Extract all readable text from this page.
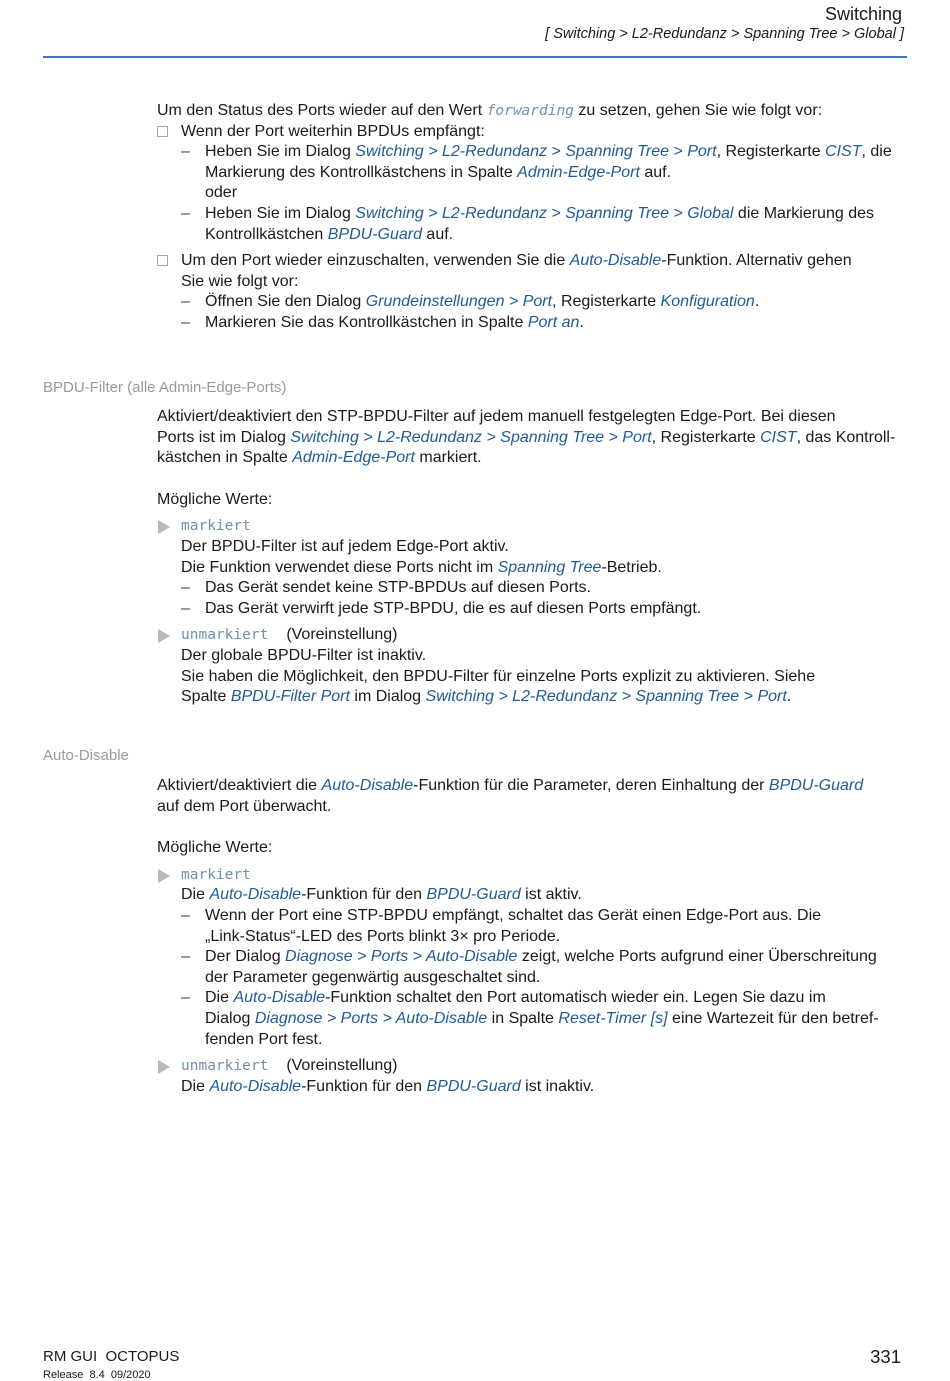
Switching
[ Switching > L2-Redundanz > Spanning Tree > Global ]
Um den Status des Ports wieder auf den Wert forwarding zu setzen, gehen Sie wie folgt vor:
Wenn der Port weiterhin BPDUs empfängt:
– Heben Sie im Dialog Switching > L2-Redundanz > Spanning Tree > Port, Registerkarte CIST, die
Markierung des Kontrollkästchens in Spalte Admin-Edge-Port auf.
oder
– Heben Sie im Dialog Switching > L2-Redundanz > Spanning Tree > Global die Markierung des
Kontrollkästchen BPDU-Guard auf.
Um den Port wieder einzuschalten, verwenden Sie die Auto-Disable-Funktion. Alternativ gehen
Sie wie folgt vor:
– Öffnen Sie den Dialog Grundeinstellungen > Port, Registerkarte Konfiguration.
– Markieren Sie das Kontrollkästchen in Spalte Port an.
BPDU-Filter (alle Admin-Edge-Ports)
Aktiviert/deaktiviert den STP-BPDU-Filter auf jedem manuell festgelegten Edge-Port. Bei diesen
Ports ist im Dialog Switching > L2-Redundanz > Spanning Tree > Port, Registerkarte CIST, das Kontroll-
kästchen in Spalte Admin-Edge-Port markiert.
Mögliche Werte:
markiert
Der BPDU-Filter ist auf jedem Edge-Port aktiv.
Die Funktion verwendet diese Ports nicht im Spanning Tree-Betrieb.
– Das Gerät sendet keine STP-BPDUs auf diesen Ports.
– Das Gerät verwirft jede STP-BPDU, die es auf diesen Ports empfängt.
unmarkiert (Voreinstellung)
Der globale BPDU-Filter ist inaktiv.
Sie haben die Möglichkeit, den BPDU-Filter für einzelne Ports explizit zu aktivieren. Siehe
Spalte BPDU-Filter Port im Dialog Switching > L2-Redundanz > Spanning Tree > Port.
Auto-Disable
Aktiviert/deaktiviert die Auto-Disable-Funktion für die Parameter, deren Einhaltung der BPDU-Guard
auf dem Port überwacht.
Mögliche Werte:
markiert
Die Auto-Disable-Funktion für den BPDU-Guard ist aktiv.
– Wenn der Port eine STP-BPDU empfängt, schaltet das Gerät einen Edge-Port aus. Die
„Link-Status“-LED des Ports blinkt 3× pro Periode.
– Der Dialog Diagnose > Ports > Auto-Disable zeigt, welche Ports aufgrund einer Überschreitung
der Parameter gegenwärtig ausgeschaltet sind.
– Die Auto-Disable-Funktion schaltet den Port automatisch wieder ein. Legen Sie dazu im
Dialog Diagnose > Ports > Auto-Disable in Spalte Reset-Timer [s] eine Wartezeit für den betref-
fenden Port fest.
unmarkiert (Voreinstellung)
Die Auto-Disable-Funktion für den BPDU-Guard ist inaktiv.
RM GUI  OCTOPUS
Release  8.4  09/2020
331
